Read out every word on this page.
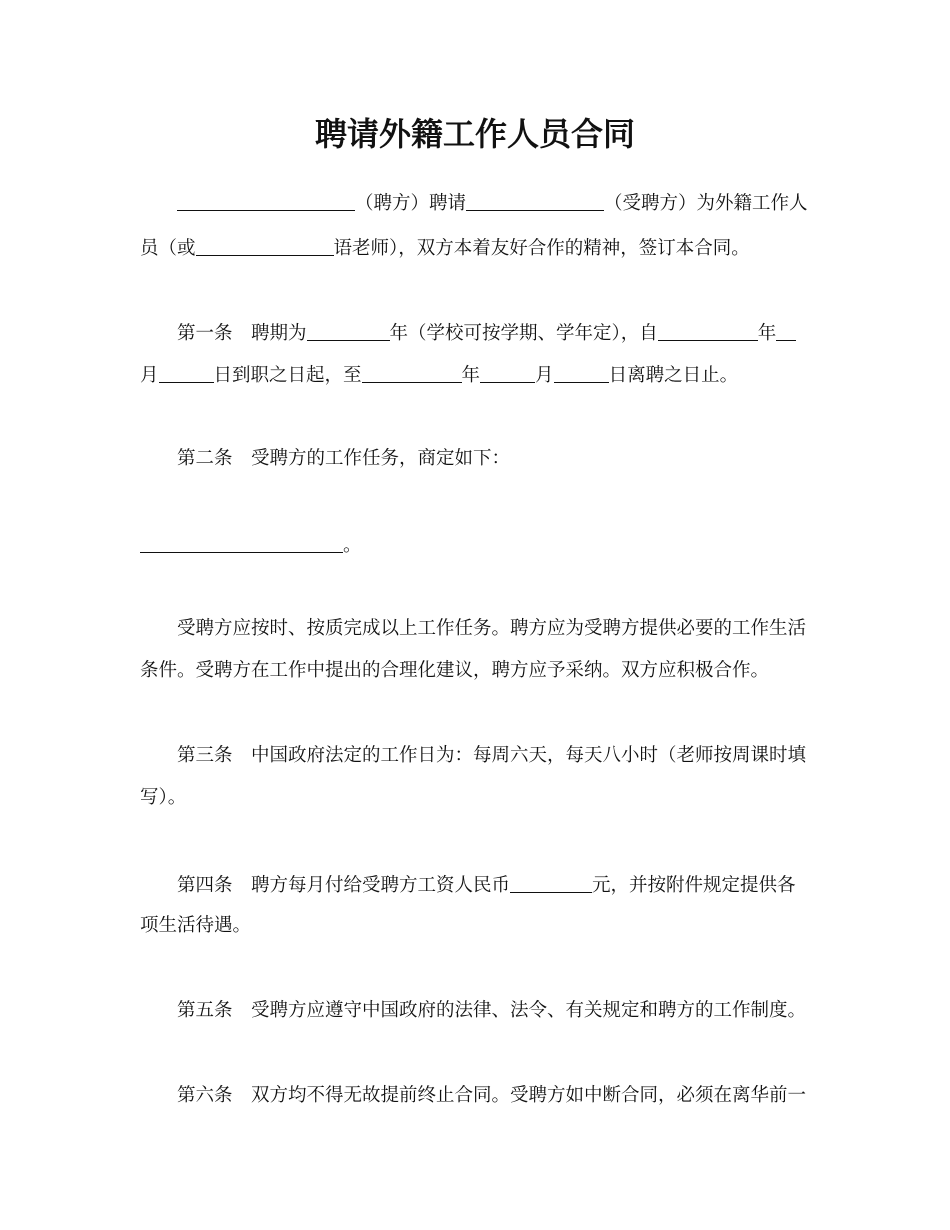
聘请外籍工作人员合同
（聘方）聘请	（受聘方）为外籍工作人
员（或	语老师），双方本着友好合作的精神，签订本合同。
第一条　聘期为	年（学校可按学期、学年定），自	年
月	日到职之日起，至	年	月	日离聘之日止。
第二条　受聘方的工作任务，商定如下：
。
受聘方应按时、按质完成以上工作任务。聘方应为受聘方提供必要的工作生活
条件。受聘方在工作中提出的合理化建议，聘方应予采纳。双方应积极合作。
第三条　中国政府法定的工作日为：每周六天，每天八小时（老师按周课时填
写）。
第四条　聘方每月付给受聘方工资人民币	元，并按附件规定提供各
项生活待遇。
第五条　受聘方应遵守中国政府的法律、法令、有关规定和聘方的工作制度。
第六条　双方均不得无故提前终止合同。受聘方如中断合同，必须在离华前一
